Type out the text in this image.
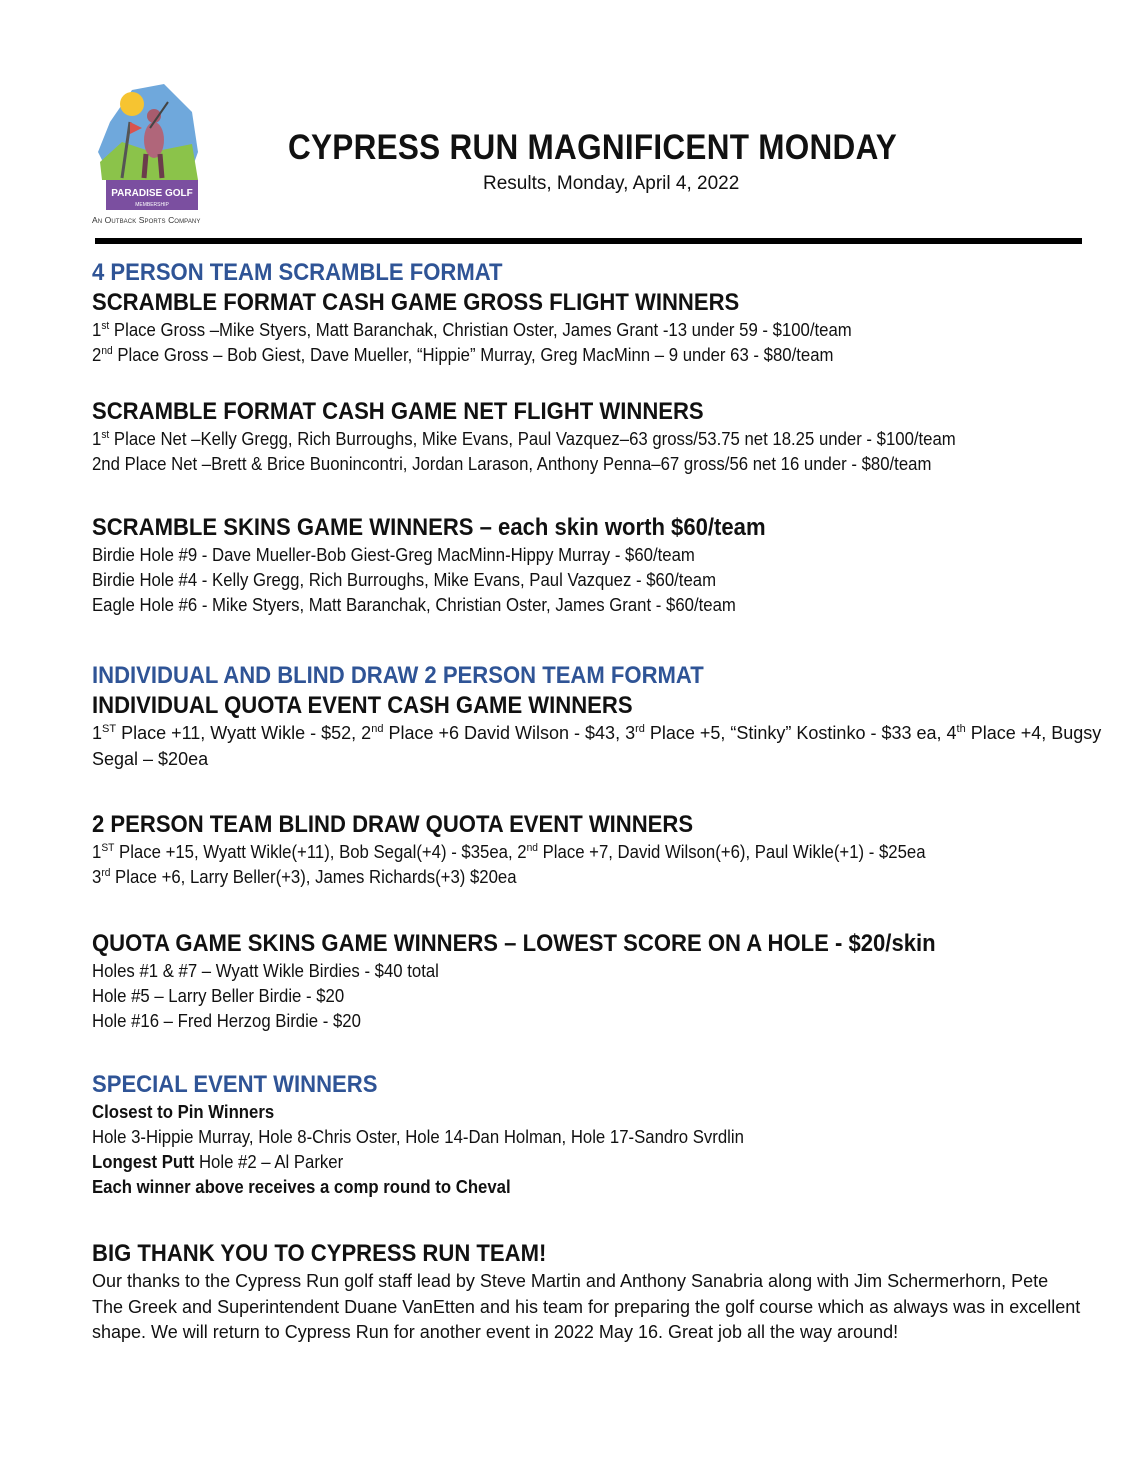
PARADISE GOLF
MEMBERSHIP
An Outback Sports Company
CYPRESS RUN MAGNIFICENT MONDAY
Results, Monday, April 4, 2022
4 PERSON TEAM SCRAMBLE FORMAT
SCRAMBLE FORMAT CASH GAME GROSS FLIGHT WINNERS
1st Place Gross –Mike Styers, Matt Baranchak, Christian Oster, James Grant -13 under 59 - $100/team
2nd Place Gross – Bob Giest, Dave Mueller, “Hippie” Murray, Greg MacMinn – 9 under 63 - $80/team
SCRAMBLE FORMAT CASH GAME NET FLIGHT WINNERS
1st Place Net –Kelly Gregg, Rich Burroughs, Mike Evans, Paul Vazquez–63 gross/53.75 net 18.25 under - $100/team
2nd Place Net –Brett & Brice Buonincontri, Jordan Larason, Anthony Penna–67 gross/56 net 16 under - $80/team
SCRAMBLE SKINS GAME WINNERS – each skin worth $60/team
Birdie Hole #9 - Dave Mueller-Bob Giest-Greg MacMinn-Hippy Murray - $60/team
Birdie Hole #4 - Kelly Gregg, Rich Burroughs, Mike Evans, Paul Vazquez - $60/team
Eagle Hole #6 - Mike Styers, Matt Baranchak, Christian Oster, James Grant - $60/team
INDIVIDUAL AND BLIND DRAW 2 PERSON TEAM FORMAT
INDIVIDUAL QUOTA EVENT CASH GAME WINNERS
1ST Place +11, Wyatt Wikle - $52, 2nd Place +6 David Wilson - $43, 3rd Place +5, “Stinky” Kostinko - $33 ea, 4th Place +4, Bugsy Segal – $20ea
2 PERSON TEAM BLIND DRAW QUOTA EVENT WINNERS
1ST Place +15, Wyatt Wikle(+11), Bob Segal(+4) - $35ea, 2nd Place +7, David Wilson(+6), Paul Wikle(+1) - $25ea
3rd Place +6, Larry Beller(+3), James Richards(+3) $20ea
QUOTA GAME SKINS GAME WINNERS – LOWEST SCORE ON A HOLE - $20/skin
Holes #1 & #7 – Wyatt Wikle Birdies - $40 total
Hole #5 – Larry Beller Birdie - $20
Hole #16 – Fred Herzog Birdie - $20
SPECIAL EVENT WINNERS
Closest to Pin Winners
Hole 3-Hippie Murray, Hole 8-Chris Oster, Hole 14-Dan Holman, Hole 17-Sandro Svrdlin
Longest Putt Hole #2 – Al Parker
Each winner above receives a comp round to Cheval
BIG THANK YOU TO CYPRESS RUN TEAM!
Our thanks to the Cypress Run golf staff lead by Steve Martin and Anthony Sanabria along with Jim Schermerhorn, Pete The Greek and Superintendent Duane VanEtten and his team for preparing the golf course which as always was in excellent shape. We will return to Cypress Run for another event in 2022 May 16. Great job all the way around!
